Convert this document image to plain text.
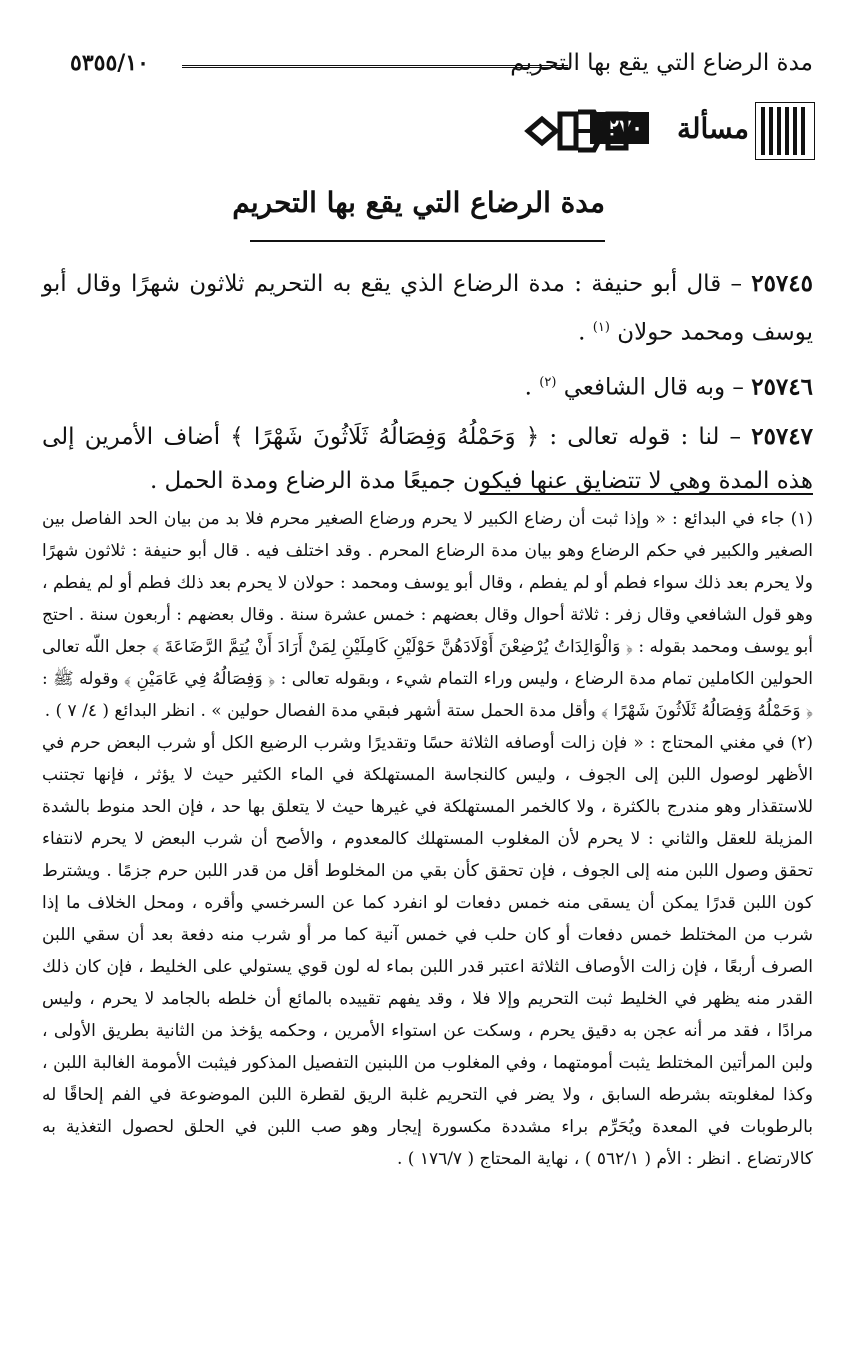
مدة الرضاع التي يقع بها التحريم
٥٣٥٥/١٠
مسألة
١٢٧٠
مدة الرضاع التي يقع بها التحريم

٢٥٧٤٥ – قال أبو حنيفة : مدة الرضاع الذي يقع به التحريم ثلاثون شهرًا وقال أبو يوسف ومحمد حولان $^{(١)}$ .

٢٥٧٤٦ – وبه قال الشافعي $^{(٢)}$ .

٢٥٧٤٧ – لنا : قوله تعالى : ﴿ وَحَمْلُهُ وَفِصَالُهُ ثَلَاثُونَ شَهْرًا ﴾ أضاف الأمرين إلى هذه المدة وهي لا تتضايق عنها فيكون جميعًا مدة الرضاع ومدة الحمل .

(١) جاء في البدائع : « وإذا ثبت أن رضاع الكبير لا يحرم ورضاع الصغير محرم فلا بد من بيان الحد الفاصل بين الصغير والكبير في حكم الرضاع وهو بيان مدة الرضاع المحرم . وقد اختلف فيه . قال أبو حنيفة : ثلاثون شهرًا ولا يحرم بعد ذلك سواء فطم أو لم يفطم ، وقال أبو يوسف ومحمد : حولان لا يحرم بعد ذلك فطم أو لم يفطم ، وهو قول الشافعي وقال زفر : ثلاثة أحوال وقال بعضهم : خمس عشرة سنة . وقال بعضهم : أربعون سنة . احتج أبو يوسف ومحمد بقوله : ﴿ وَالْوَالِدَاتُ يُرْضِعْنَ أَوْلَادَهُنَّ حَوْلَيْنِ كَامِلَيْنِ لِمَنْ أَرَادَ أَنْ يُتِمَّ الرَّضَاعَةَ ﴾ جعل اللّه تعالى الحولين الكاملين تمام مدة الرضاع ، وليس وراء التمام شيء ، وبقوله تعالى : ﴿ وَفِصَالُهُ فِي عَامَيْنِ ﴾ وقوله ﷺ : ﴿ وَحَمْلُهُ وَفِصَالُهُ ثَلَاثُونَ شَهْرًا ﴾ وأقل مدة الحمل ستة أشهر فبقي مدة الفصال حولين » . انظر البدائع ( ٤/ ٧ ) .

(٢) في مغني المحتاج : « فإن زالت أوصافه الثلاثة حسًا وتقديرًا وشرب الرضيع الكل أو شرب البعض حرم في الأظهر لوصول اللبن إلى الجوف ، وليس كالنجاسة المستهلكة في الماء الكثير حيث لا يؤثر ، فإنها تجتنب للاستقذار وهو مندرج بالكثرة ، ولا كالخمر المستهلكة في غيرها حيث لا يتعلق بها حد ، فإن الحد منوط بالشدة المزيلة للعقل والثاني : لا يحرم لأن المغلوب المستهلك كالمعدوم ، والأصح أن شرب البعض لا يحرم لانتفاء تحقق وصول اللبن منه إلى الجوف ، فإن تحقق كأن بقي من المخلوط أقل من قدر اللبن حرم جزمًا . ويشترط كون اللبن قدرًا يمكن أن يسقى منه خمس دفعات لو انفرد كما عن السرخسي وأقره ، ومحل الخلاف ما إذا شرب من المختلط خمس دفعات أو كان حلب في خمس آنية كما مر أو شرب منه دفعة بعد أن سقي اللبن الصرف أربعًا ، فإن زالت الأوصاف الثلاثة اعتبر قدر اللبن بماء له لون قوي يستولي على الخليط ، فإن كان ذلك القدر منه يظهر في الخليط ثبت التحريم وإلا فلا ، وقد يفهم تقييده بالمائع أن خلطه بالجامد لا يحرم ، وليس مرادًا ، فقد مر أنه عجن به دقيق يحرم ، وسكت عن استواء الأمرين ، وحكمه يؤخذ من الثانية بطريق الأولى ، ولبن المرأتين المختلط يثبت أمومتهما ، وفي المغلوب من اللبنين التفصيل المذكور فيثبت الأمومة الغالبة اللبن ، وكذا لمغلوبته بشرطه السابق ، ولا يضر في التحريم غلبة الريق لقطرة اللبن الموضوعة في الفم إلحاقًا له بالرطوبات في المعدة ويُحَرِّم براء مشددة مكسورة إيجار وهو صب اللبن في الحلق لحصول التغذية به كالارتضاع . انظر : الأم ( ٥٦٢/١ ) ، نهاية المحتاج ( ١٧٦/٧ ) .
